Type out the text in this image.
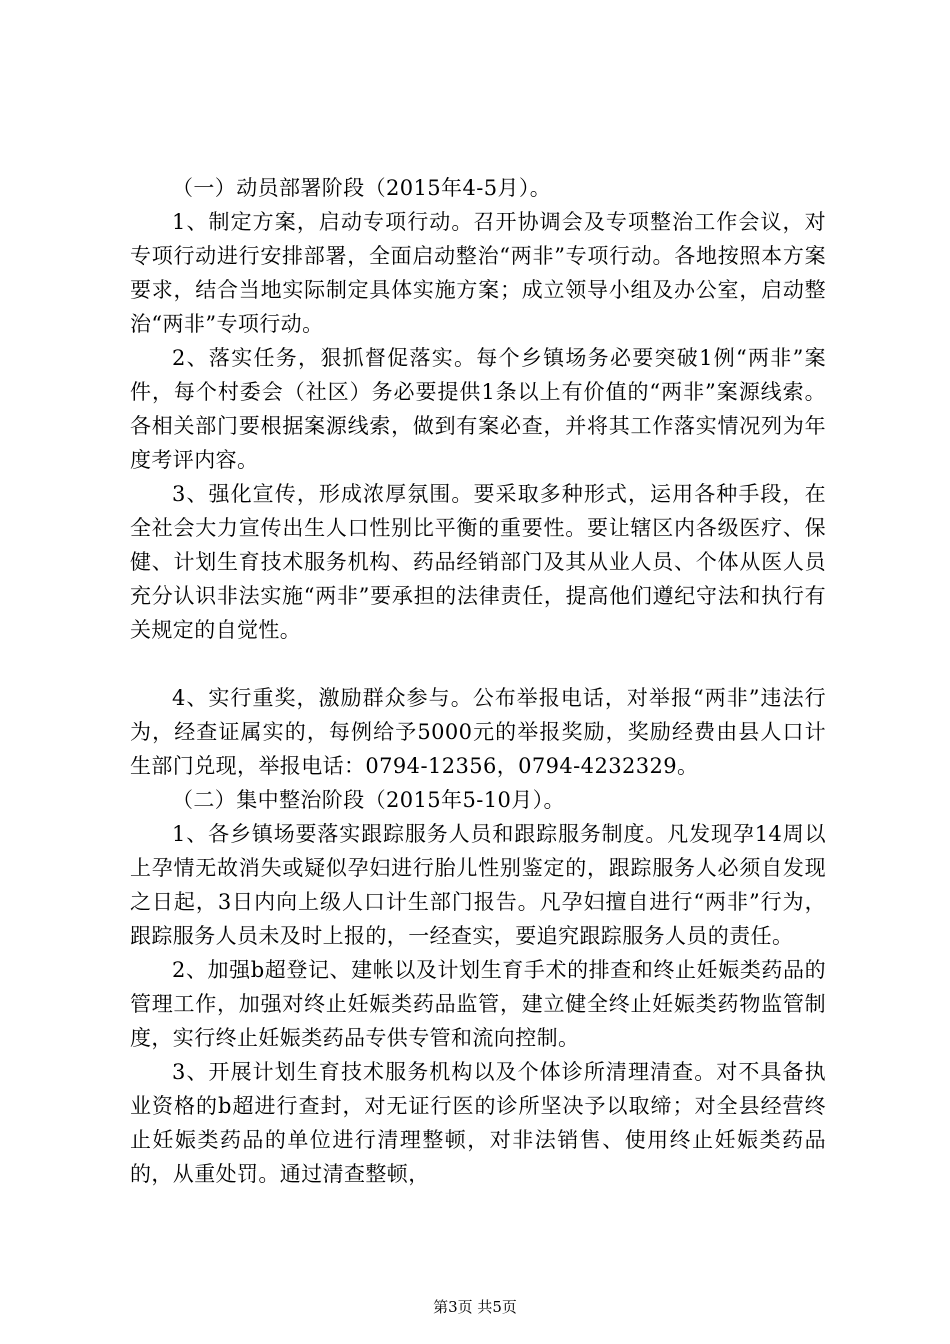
（一）动员部署阶段（2015年4-5月）。

1、制定方案，启动专项行动。召开协调会及专项整治工作会议，对专项行动进行安排部署，全面启动整治“两非”专项行动。各地按照本方案要求，结合当地实际制定具体实施方案；成立领导小组及办公室，启动整治“两非”专项行动。

2、落实任务，狠抓督促落实。每个乡镇场务必要突破1例“两非”案件，每个村委会（社区）务必要提供1条以上有价值的“两非”案源线索。各相关部门要根据案源线索，做到有案必查，并将其工作落实情况列为年度考评内容。

3、强化宣传，形成浓厚氛围。要采取多种形式，运用各种手段，在全社会大力宣传出生人口性别比平衡的重要性。要让辖区内各级医疗、保健、计划生育技术服务机构、药品经销部门及其从业人员、个体从医人员充分认识非法实施“两非”要承担的法律责任，提高他们遵纪守法和执行有关规定的自觉性。

4、实行重奖，激励群众参与。公布举报电话，对举报“两非”违法行为，经查证属实的，每例给予5000元的举报奖励，奖励经费由县人口计生部门兑现，举报电话：0794-12356，0794-4232329。

（二）集中整治阶段（2015年5-10月）。

1、各乡镇场要落实跟踪服务人员和跟踪服务制度。凡发现孕14周以上孕情无故消失或疑似孕妇进行胎儿性别鉴定的，跟踪服务人必须自发现之日起，3日内向上级人口计生部门报告。凡孕妇擅自进行“两非”行为，跟踪服务人员未及时上报的，一经查实，要追究跟踪服务人员的责任。

2、加强b超登记、建帐以及计划生育手术的排查和终止妊娠类药品的管理工作，加强对终止妊娠类药品监管，建立健全终止妊娠类药物监管制度，实行终止妊娠类药品专供专管和流向控制。

3、开展计划生育技术服务机构以及个体诊所清理清查。对不具备执业资格的b超进行查封，对无证行医的诊所坚决予以取缔；对全县经营终止妊娠类药品的单位进行清理整顿，对非法销售、使用终止妊娠类药品的，从重处罚。通过清查整顿，

第3页 共5页
